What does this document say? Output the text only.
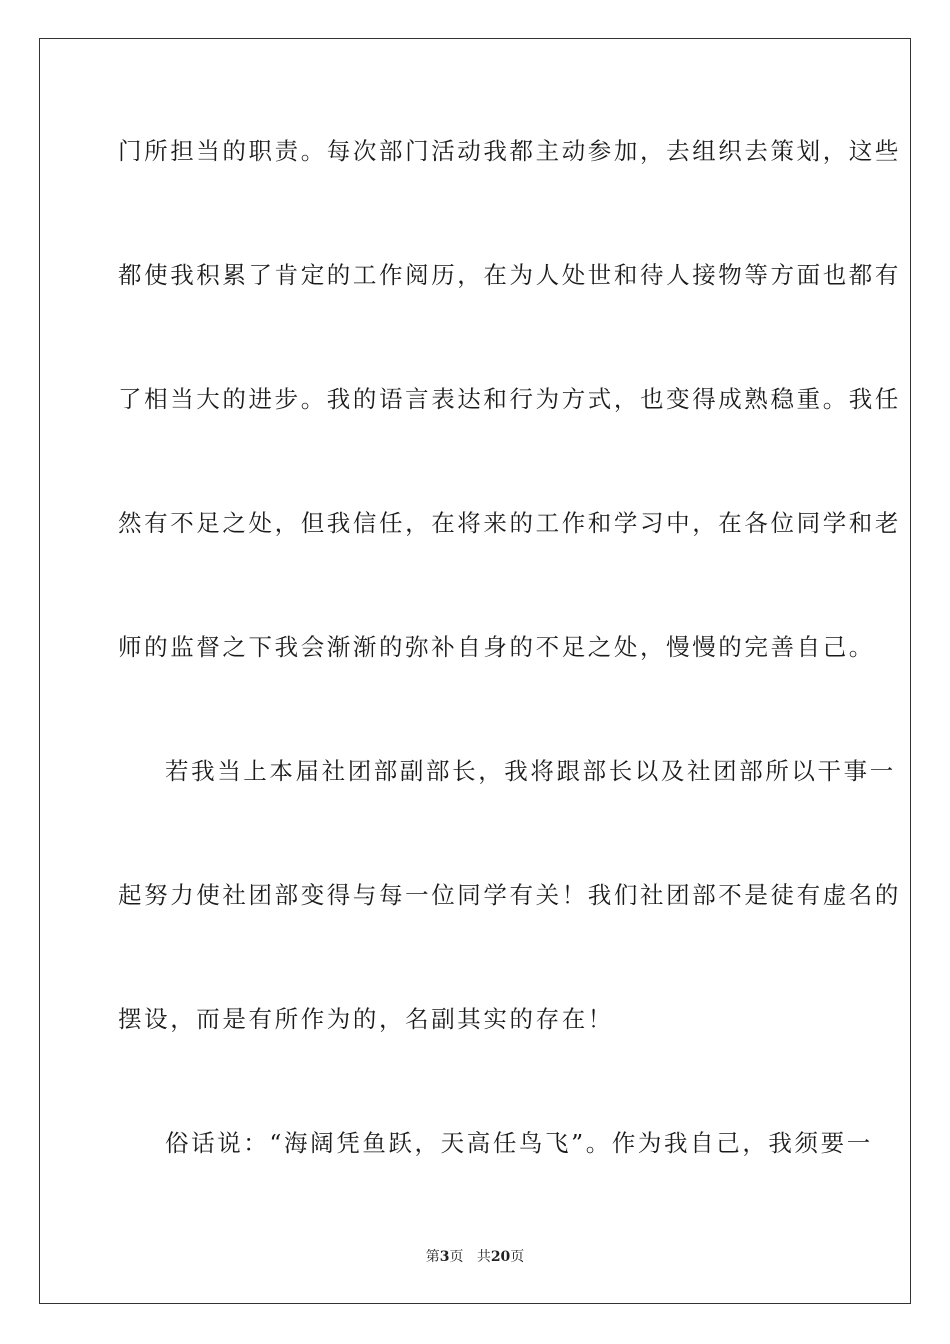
门所担当的职责。每次部门活动我都主动参加，去组织去策划，这些
都使我积累了肯定的工作阅历，在为人处世和待人接物等方面也都有
了相当大的进步。我的语言表达和行为方式，也变得成熟稳重。我任
然有不足之处，但我信任，在将来的工作和学习中，在各位同学和老
师的监督之下我会渐渐的弥补自身的不足之处，慢慢的完善自己。
若我当上本届社团部副部长，我将跟部长以及社团部所以干事一
起努力使社团部变得与每一位同学有关！我们社团部不是徒有虚名的
摆设，而是有所作为的，名副其实的存在！
俗话说：“海阔凭鱼跃，天高任鸟飞”。作为我自己，我须要一
第3页 共20页
